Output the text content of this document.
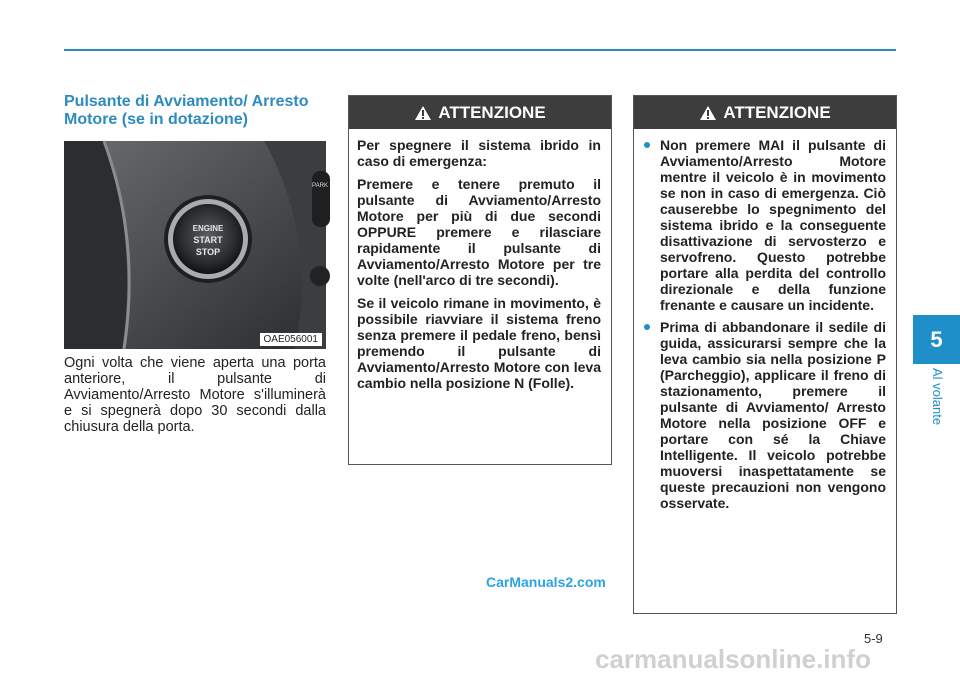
5
Al volante
Pulsante di Avviamento/ Arresto Motore (se in dotazione)
ENGINE
START
STOP
PARK
OAE056001
Ogni volta che viene aperta una porta anteriore, il pulsante di Avviamento/Arresto Motore s'illuminerà e si spegnerà dopo 30 secondi dalla chiusura della porta.
ATTENZIONE

Per spegnere il sistema ibrido in caso di emergenza:

Premere e tenere premuto il pulsante di Avviamento/Arresto Motore per più di due secondi OPPURE premere e rilasciare rapidamente il pulsante di Avviamento/Arresto Motore per tre volte (nell'arco di tre secondi).

Se il veicolo rimane in movimento, è possibile riavviare il sistema freno senza premere il pedale freno, bensì premendo il pulsante di Avviamento/Arresto Motore con leva cambio nella posizione N (Folle).

ATTENZIONE
Non premere MAI il pulsante di Avviamento/Arresto Motore mentre il veicolo è in movimento se non in caso di emergenza. Ciò causerebbe lo spegnimento del sistema ibrido e la conseguente disattivazione di servosterzo e servofreno. Questo potrebbe portare alla perdita del controllo direzionale e della funzione frenante e causare un incidente.
Prima di abbandonare il sedile di guida, assicurarsi sempre che la leva cambio sia nella posizione P (Parcheggio), applicare il freno di stazionamento, premere il pulsante di Avviamento/ Arresto Motore nella posizione OFF e portare con sé la Chiave Intelligente. Il veicolo potrebbe muoversi inaspettatamente se queste precauzioni non vengono osservate.
CarManuals2.com
5-9
carmanualsonline.info
